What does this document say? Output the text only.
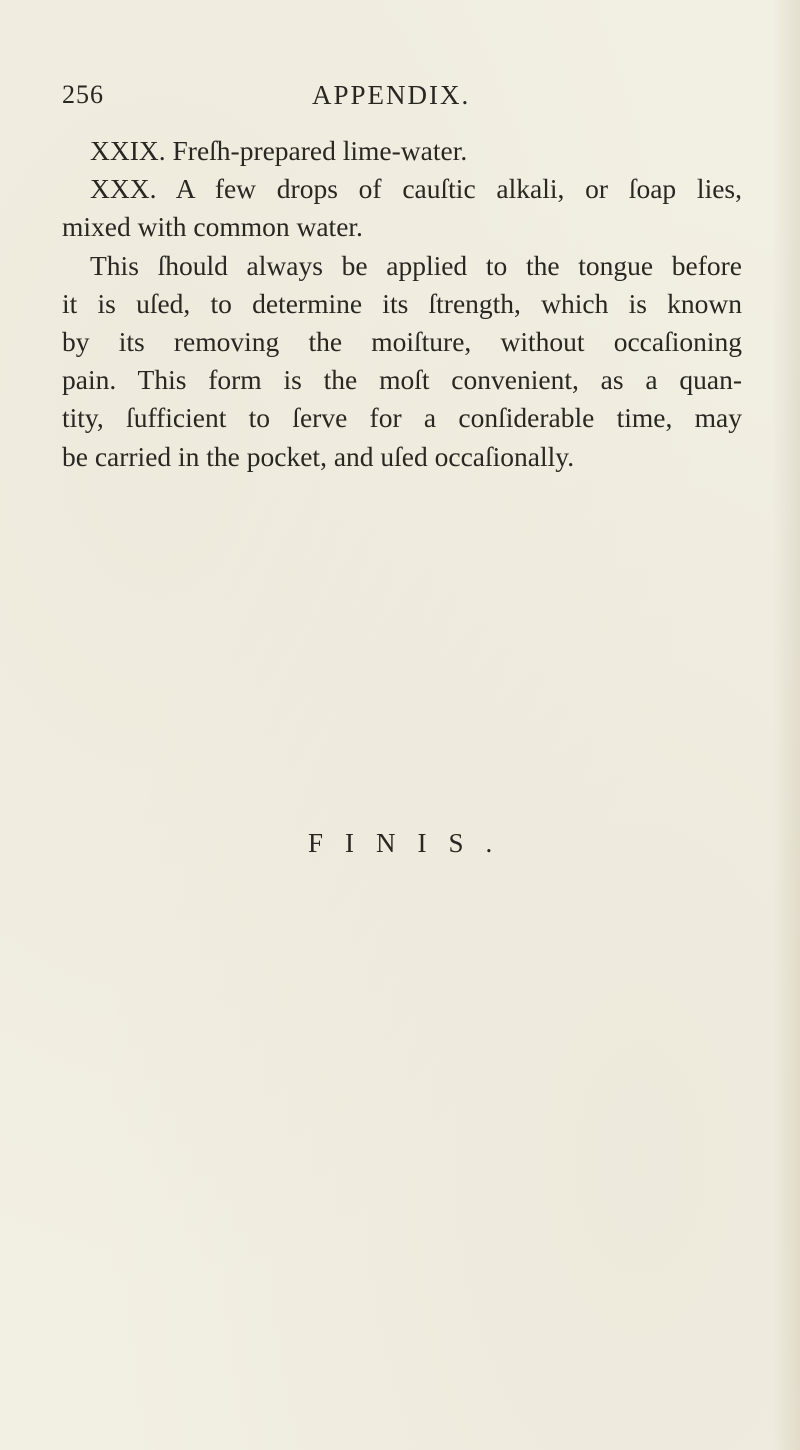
256	APPENDIX.
XXIX. Freſh-prepared lime-water.
XXX. A few drops of cauſtic alkali, or ſoap lies,
mixed with common water.
This ſhould always be applied to the tongue before
it is uſed, to determine its ſtrength, which is known
by its removing the moiſture, without occaſioning
pain. This form is the moſt convenient, as a quan-
tity, ſufficient to ſerve for a conſiderable time, may
be carried in the pocket, and uſed occaſionally.
FINIS.
